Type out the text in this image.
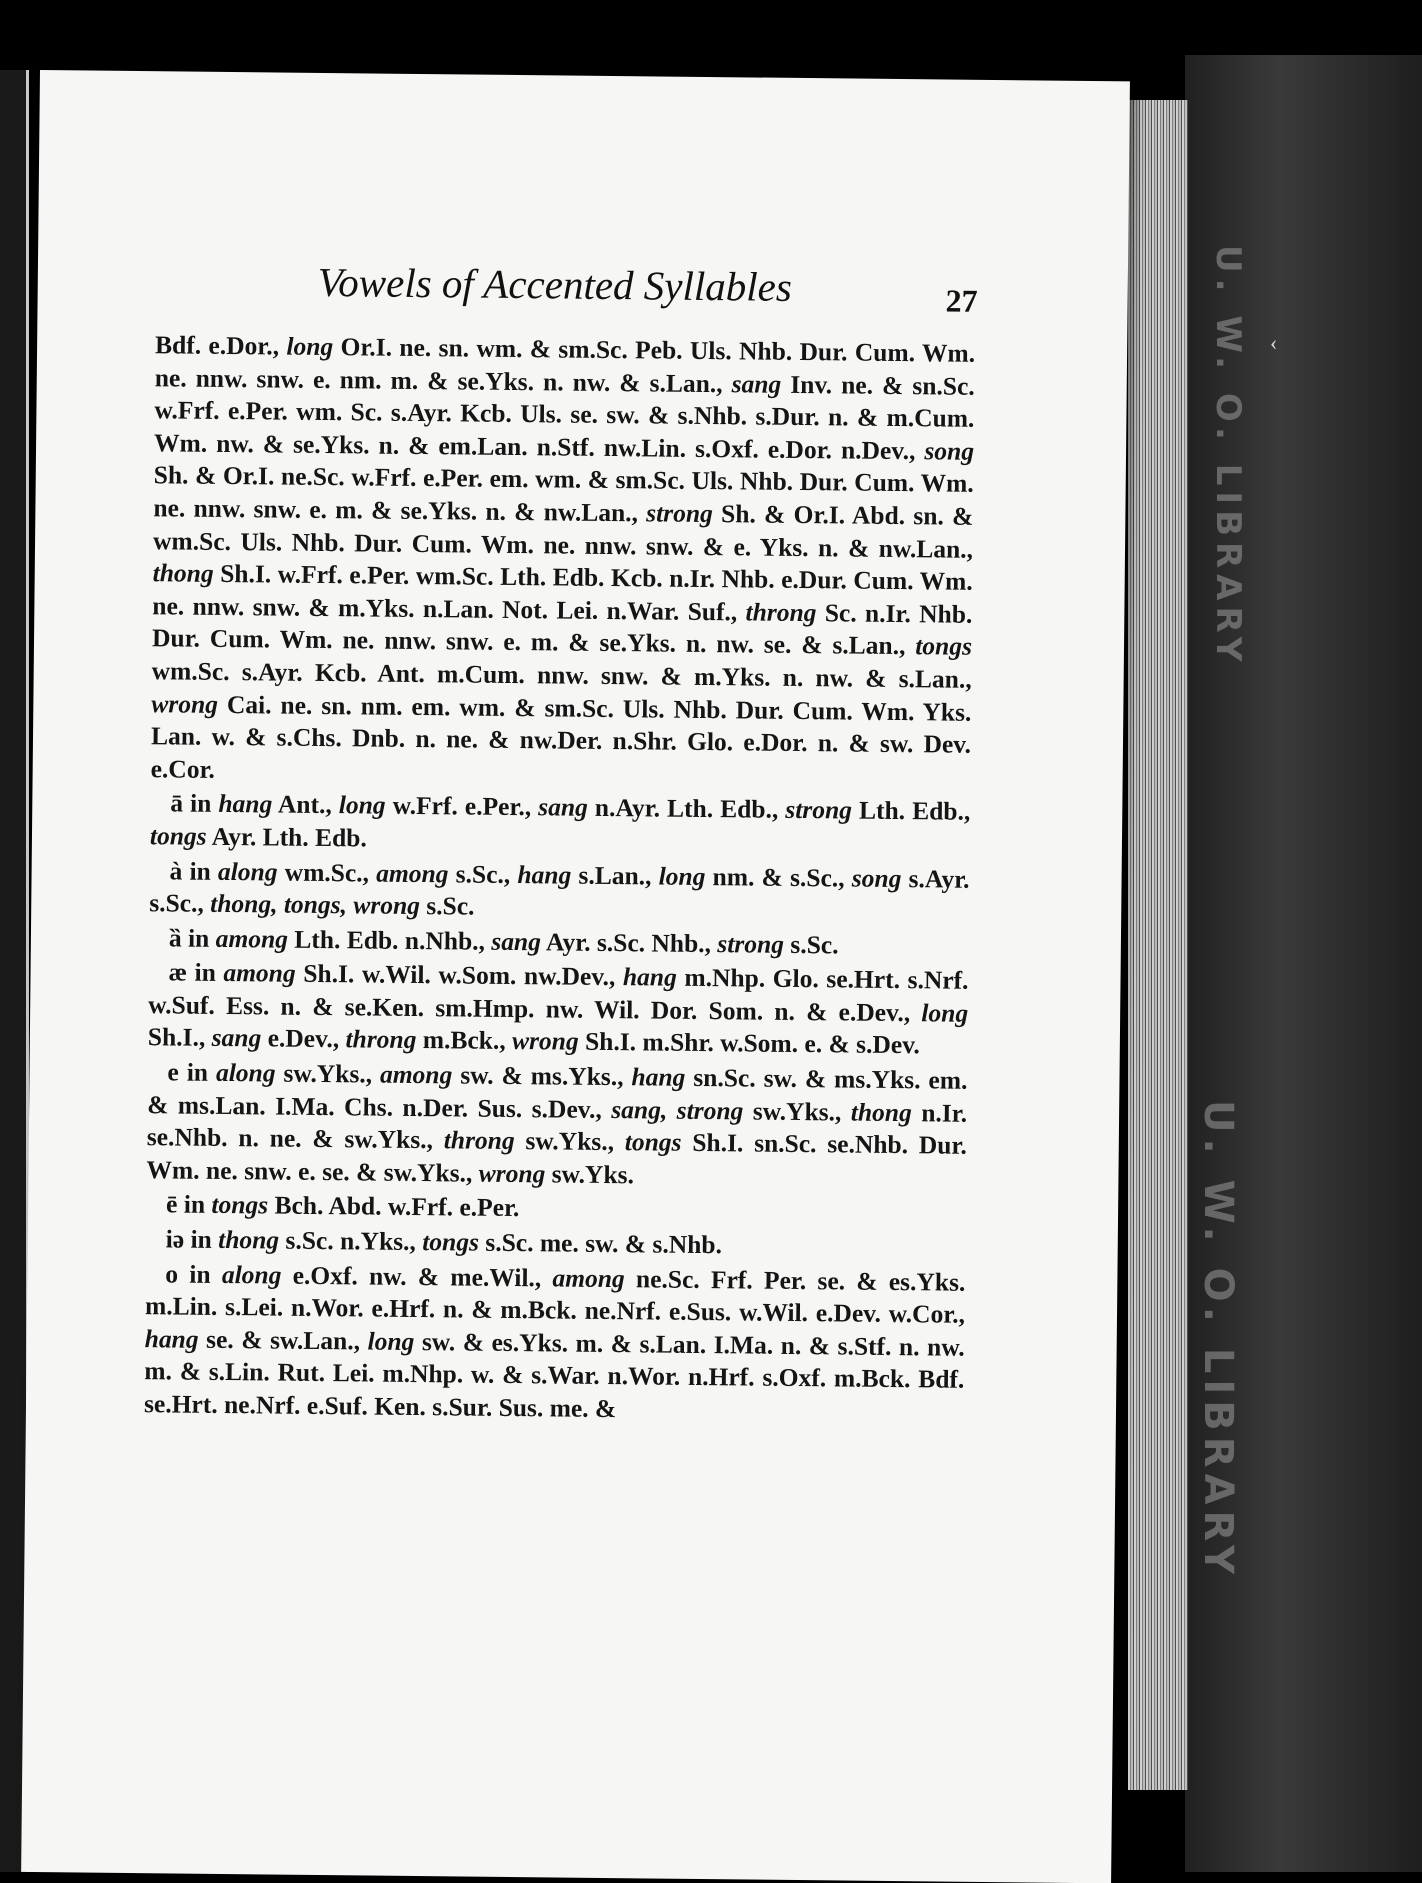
U. W. O. LIBRARY
U. W. O. LIBRARY
‹
Vowels of Accented Syllables	27

Bdf. e.Dor., long Or.I. ne. sn. wm. & sm.Sc. Peb. Uls. Nhb. Dur. Cum. Wm. ne. nnw. snw. e. nm. m. & se.Yks. n. nw. & s.Lan., sang Inv. ne. & sn.Sc. w.Frf. e.Per. wm. Sc. s.Ayr. Kcb. Uls. se. sw. & s.Nhb. s.Dur. n. & m.Cum. Wm. nw. & se.Yks. n. & em.Lan. n.Stf. nw.Lin. s.Oxf. e.Dor. n.Dev., song Sh. & Or.I. ne.Sc. w.Frf. e.Per. em. wm. & sm.Sc. Uls. Nhb. Dur. Cum. Wm. ne. nnw. snw. e. m. & se.Yks. n. & nw.Lan., strong Sh. & Or.I. Abd. sn. & wm.Sc. Uls. Nhb. Dur. Cum. Wm. ne. nnw. snw. & e. Yks. n. & nw.Lan., thong Sh.I. w.Frf. e.Per. wm.Sc. Lth. Edb. Kcb. n.Ir. Nhb. e.Dur. Cum. Wm. ne. nnw. snw. & m.Yks. n.Lan. Not. Lei. n.War. Suf., throng Sc. n.Ir. Nhb. Dur. Cum. Wm. ne. nnw. snw. e. m. & se.Yks. n. nw. se. & s.Lan., tongs wm.Sc. s.Ayr. Kcb. Ant. m.Cum. nnw. snw. & m.Yks. n. nw. & s.Lan., wrong Cai. ne. sn. nm. em. wm. & sm.Sc. Uls. Nhb. Dur. Cum. Wm. Yks. Lan. w. & s.Chs. Dnb. n. ne. & nw.Der. n.Shr. Glo. e.Dor. n. & sw. Dev. e.Cor.

ā in hang Ant., long w.Frf. e.Per., sang n.Ayr. Lth. Edb., strong Lth. Edb., tongs Ayr. Lth. Edb.

à in along wm.Sc., among s.Sc., hang s.Lan., long nm. & s.Sc., song s.Ayr. s.Sc., thong, tongs, wrong s.Sc.

ȁ in among Lth. Edb. n.Nhb., sang Ayr. s.Sc. Nhb., strong s.Sc.

æ in among Sh.I. w.Wil. w.Som. nw.Dev., hang m.Nhp. Glo. se.Hrt. s.Nrf. w.Suf. Ess. n. & se.Ken. sm.Hmp. nw. Wil. Dor. Som. n. & e.Dev., long Sh.I., sang e.Dev., throng m.Bck., wrong Sh.I. m.Shr. w.Som. e. & s.Dev.

e in along sw.Yks., among sw. & ms.Yks., hang sn.Sc. sw. & ms.Yks. em. & ms.Lan. I.Ma. Chs. n.Der. Sus. s.Dev., sang, strong sw.Yks., thong n.Ir. se.Nhb. n. ne. & sw.Yks., throng sw.Yks., tongs Sh.I. sn.Sc. se.Nhb. Dur. Wm. ne. snw. e. se. & sw.Yks., wrong sw.Yks.

ē in tongs Bch. Abd. w.Frf. e.Per.

iə in thong s.Sc. n.Yks., tongs s.Sc. me. sw. & s.Nhb.

o in along e.Oxf. nw. & me.Wil., among ne.Sc. Frf. Per. se. & es.Yks. m.Lin. s.Lei. n.Wor. e.Hrf. n. & m.Bck. ne.Nrf. e.Sus. w.Wil. e.Dev. w.Cor., hang se. & sw.Lan., long sw. & es.Yks. m. & s.Lan. I.Ma. n. & s.Stf. n. nw. m. & s.Lin. Rut. Lei. m.Nhp. w. & s.War. n.Wor. n.Hrf. s.Oxf. m.Bck. Bdf. se.Hrt. ne.Nrf. e.Suf. Ken. s.Sur. Sus. me. &
